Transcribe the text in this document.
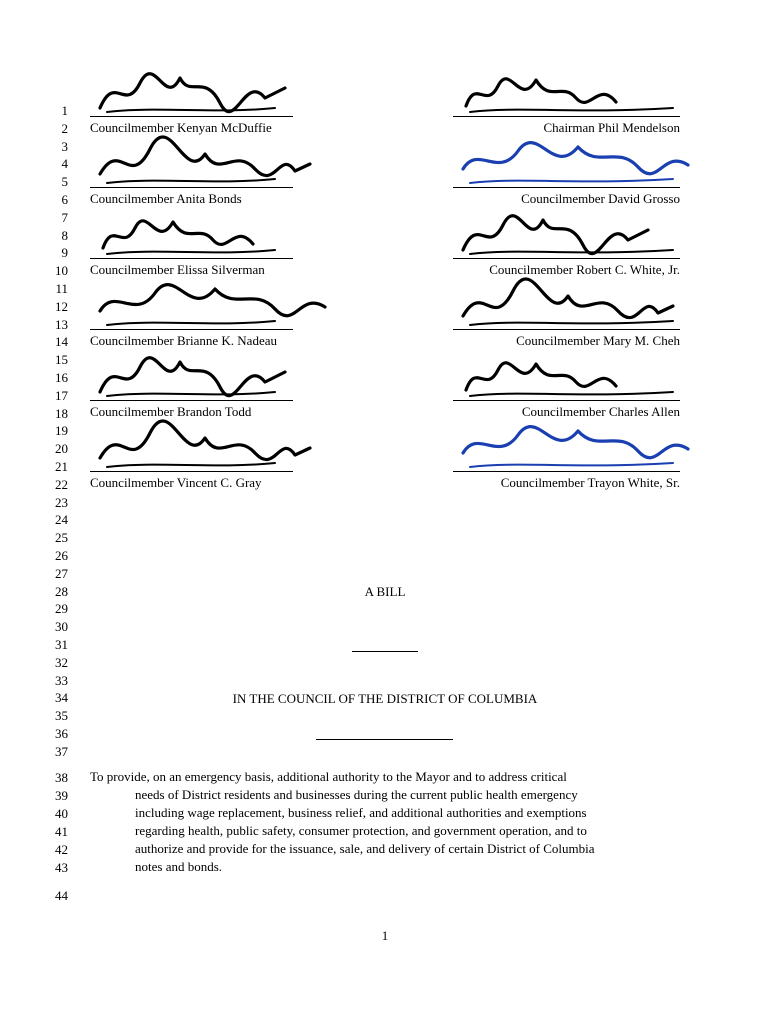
1
2
3
4
5
6
7
8
9
10
11
12
13
14
15
16
17
18
19
20
21
22
23
24
25
26
27
28
29
30
31
32
33
34
35
36
37
38
39
40
41
42
43
44
Councilmember Kenyan McDuffie	Chairman Phil Mendelson
Councilmember Anita Bonds	Councilmember David Grosso
Councilmember Elissa Silverman	Councilmember Robert C. White, Jr.
Councilmember Brianne K. Nadeau	Councilmember Mary M. Cheh
Councilmember Brandon Todd	Councilmember Charles Allen
Councilmember Vincent C. Gray	Councilmember Trayon White, Sr.
A BILL
IN THE COUNCIL OF THE DISTRICT OF COLUMBIA
To provide, on an emergency basis, additional authority to the Mayor and to address critical
needs of District residents and businesses during the current public health emergency
including wage replacement, business relief, and additional authorities and exemptions
regarding health, public safety, consumer protection, and government operation, and to
authorize and provide for the issuance, sale, and delivery of certain District of Columbia
notes and bonds.
1
